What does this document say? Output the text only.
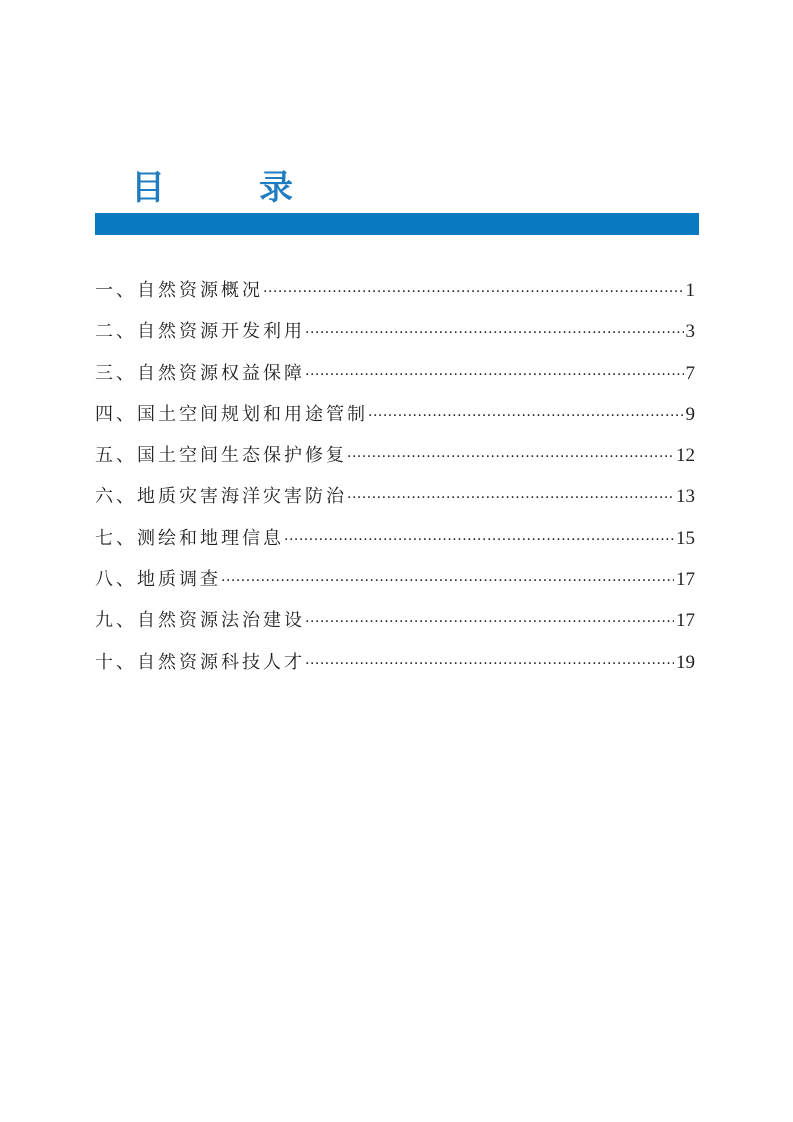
目　录
一、自然资源概况 ·····	1
二、自然资源开发利用 ·····	3
三、自然资源权益保障 ·····	7
四、国土空间规划和用途管制 ·····	9
五、国土空间生态保护修复 ·····	12
六、地质灾害海洋灾害防治 ·····	13
七、测绘和地理信息 ·····	15
八、地质调查 ·····	17
九、自然资源法治建设 ·····	17
十、自然资源科技人才 ·····	19
